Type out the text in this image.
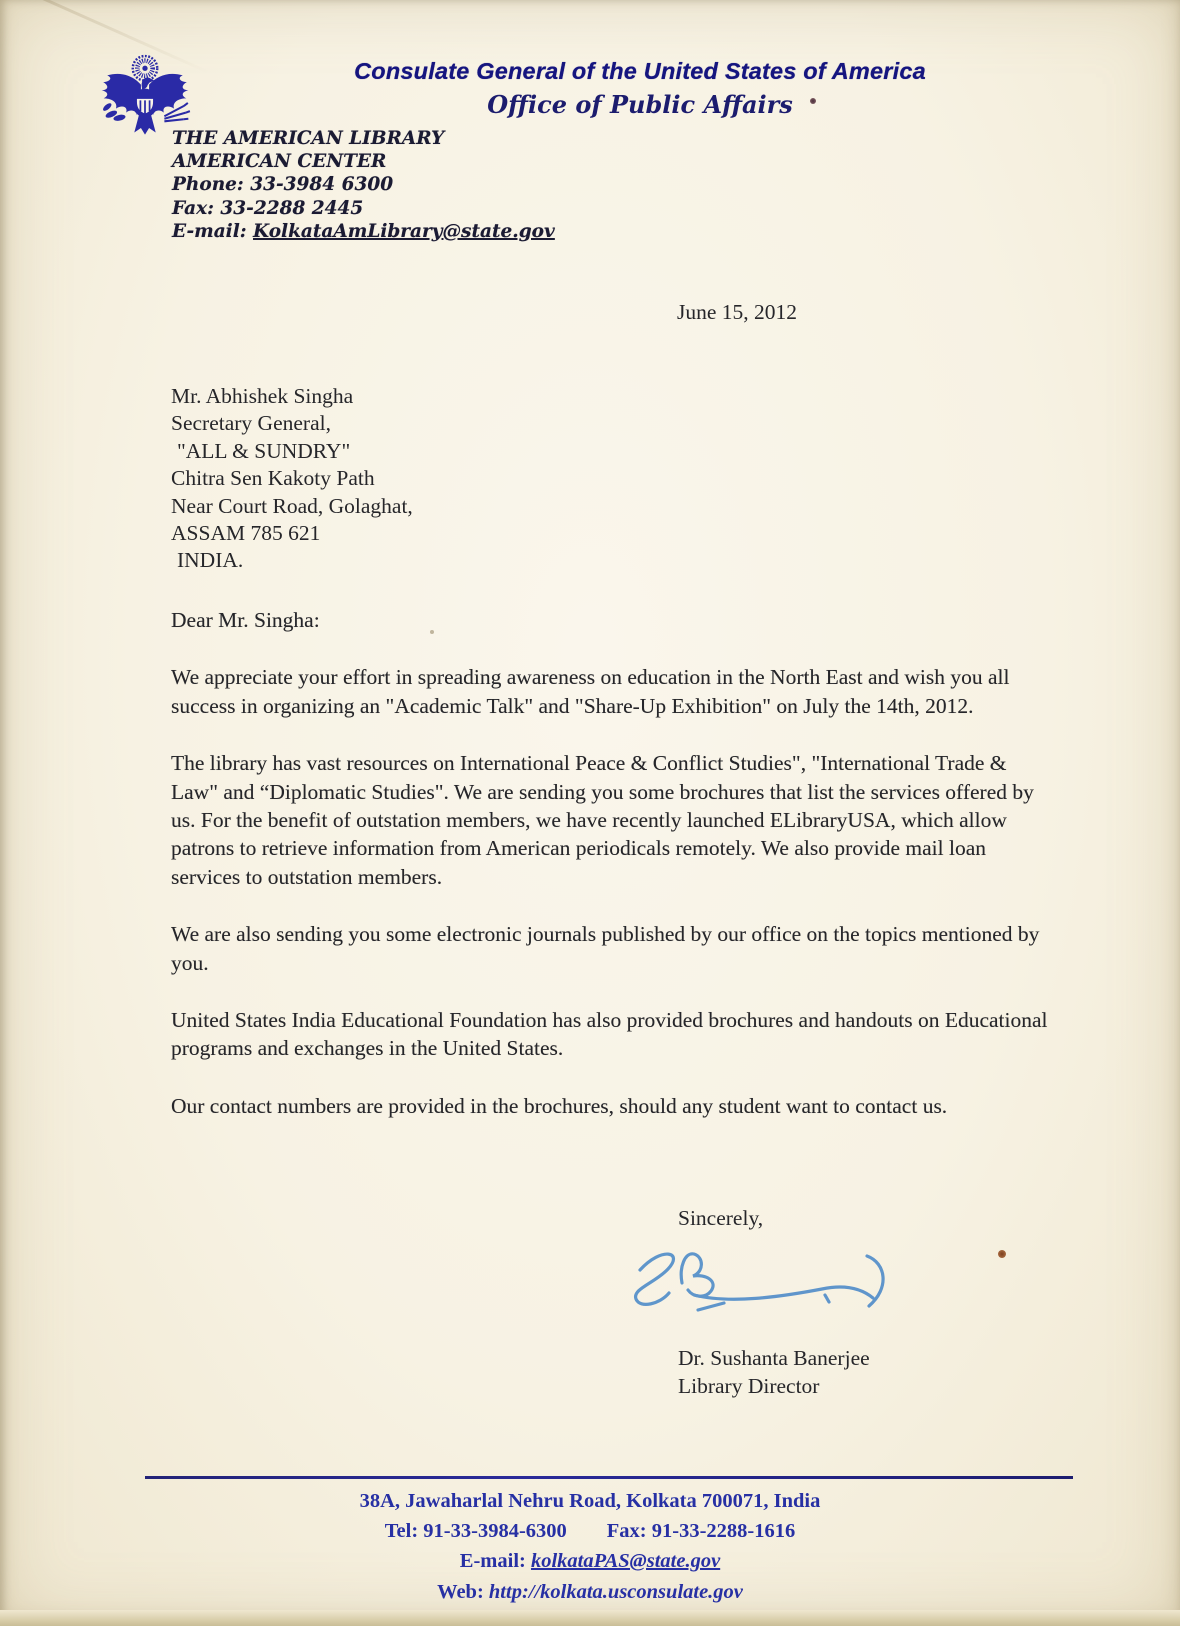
Consulate General of the United States of America
Office of Public Affairs
THE AMERICAN LIBRARY
AMERICAN CENTER
Phone: 33-3984 6300
Fax: 33-2288 2445
E-mail: KolkataAmLibrary@state.gov
June 15, 2012
Mr. Abhishek Singha
Secretary General,
"ALL & SUNDRY"
Chitra Sen Kakoty Path
Near Court Road, Golaghat,
ASSAM 785 621
INDIA.

Dear Mr. Singha:

We appreciate your effort in spreading awareness on education in the North East and wish you all success in organizing an "Academic Talk" and "Share-Up Exhibition" on July the 14th, 2012.

The library has vast resources on International Peace & Conflict Studies", "International Trade & Law" and “Diplomatic Studies". We are sending you some brochures that list the services offered by us. For the benefit of outstation members, we have recently launched ELibraryUSA, which allow patrons to retrieve information from American periodicals remotely. We also provide mail loan services to outstation members.

We are also sending you some electronic journals published by our office on the topics mentioned by you.

United States India Educational Foundation has also provided brochures and handouts on Educational programs and exchanges in the United States.

Our contact numbers are provided in the brochures, should any student want to contact us.

Sincerely,
Dr. Sushanta Banerjee
Library Director
38A, Jawaharlal Nehru Road, Kolkata 700071, India
Tel: 91-33-3984-6300 Fax: 91-33-2288-1616
E-mail: kolkataPAS@state.gov
Web: http://kolkata.usconsulate.gov
